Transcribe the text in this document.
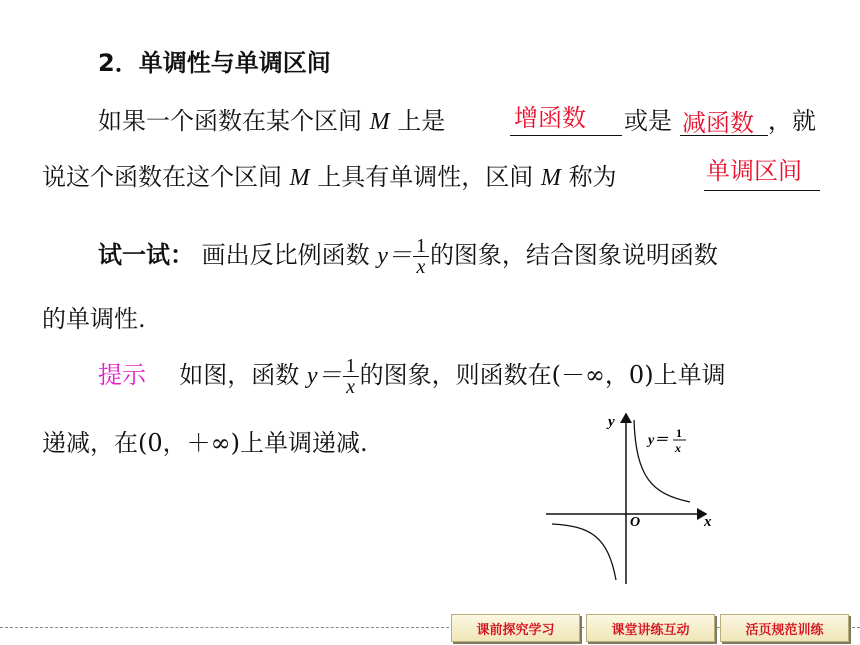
2．单调性与单调区间
如果一个函数在某个区间 M 上是	增函数 或是 减函数 ，就
说这个函数在这个区间 M 上具有单调性，区间 M 称为	单调区间
试一试： 画出反比例函数 $y= \frac{1}{x}$ 的图象，结合图象说明函数
的单调性.
提示 如图，函数 $y= \frac{1}{x}$ 的图象，则函数在(－∞，0)上单调
递减，在(0，＋∞)上单调递减.
y
x
O
y＝ 1
x
课前探究学习	课堂讲练互动	活页规范训练
